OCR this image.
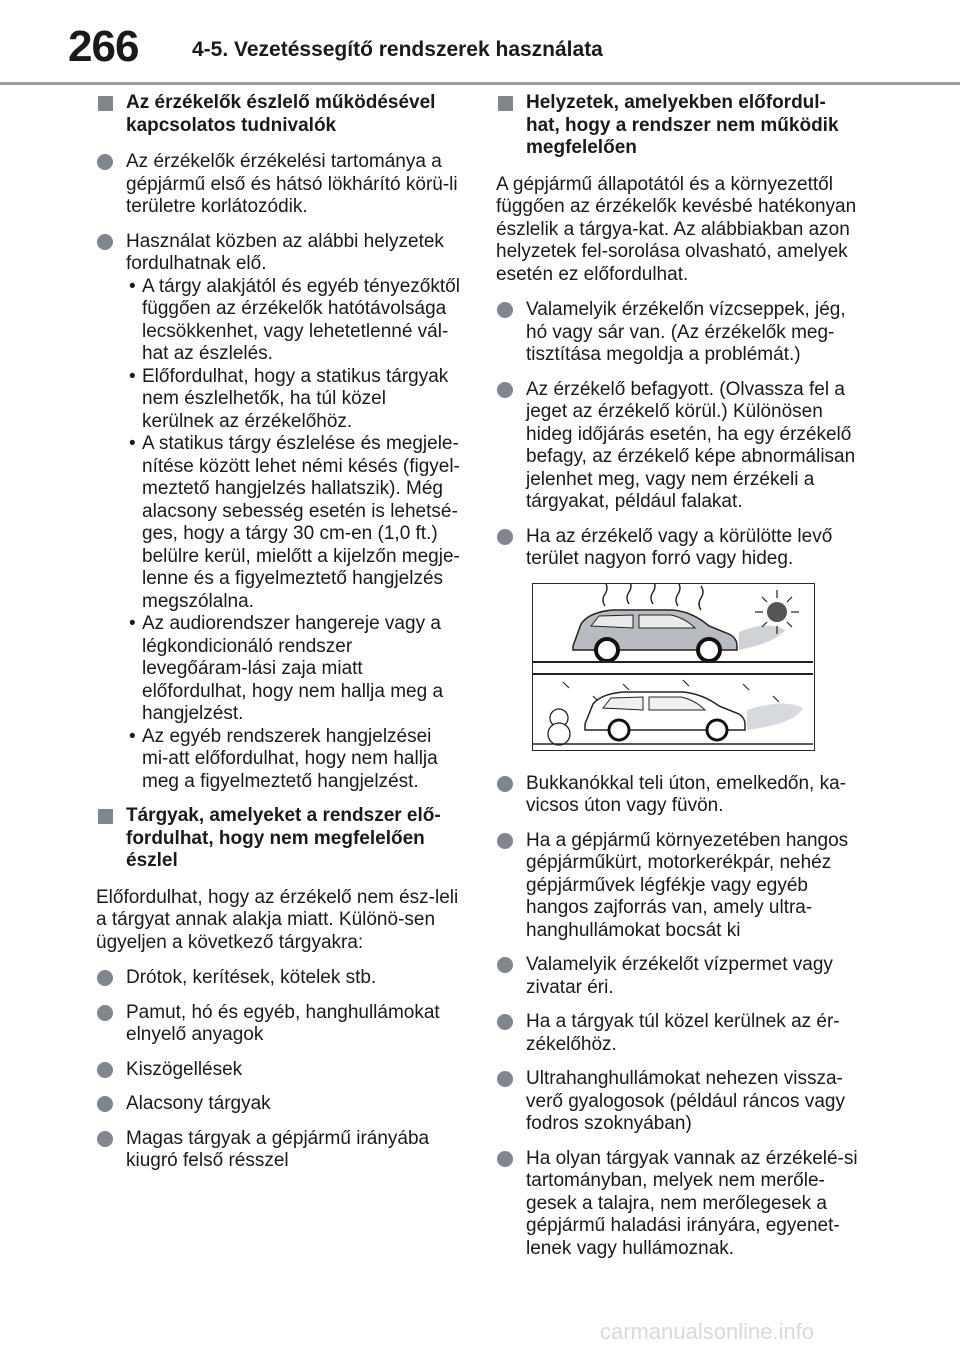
266	4-5. Vezetéssegítő rendszerek használata
Az érzékelők észlelő működésével kapcsolatos tudnivalók
Az érzékelők érzékelési tartománya a gépjármű első és hátsó lökhárító körü-li területre korlátozódik.
Használat közben az alábbi helyzetek fordulhatnak elő.
• A tárgy alakjától és egyéb tényezőktől függően az érzékelők hatótávolsága lecsökkenhet, vagy lehetetlenné vál-hat az észlelés.
• Előfordulhat, hogy a statikus tárgyak nem észlelhetők, ha túl közel kerülnek az érzékelőhöz.
• A statikus tárgy észlelése és megjele-nítése között lehet némi késés (figyel-meztető hangjelzés hallatszik). Még alacsony sebesség esetén is lehetsé-ges, hogy a tárgy 30 cm-en (1,0 ft.) belülre kerül, mielőtt a kijelzőn megje-lenne és a figyelmeztető hangjelzés megszólalna.
• Az audiorendszer hangereje vagy a légkondicionáló rendszer levegőáram-lási zaja miatt előfordulhat, hogy nem hallja meg a hangjelzést.
• Az egyéb rendszerek hangjelzései mi-att előfordulhat, hogy nem hallja meg a figyelmeztető hangjelzést.
Tárgyak, amelyeket a rendszer elő-fordulhat, hogy nem megfelelően észlel

Előfordulhat, hogy az érzékelő nem ész-leli a tárgyat annak alakja miatt. Különö-sen ügyeljen a következő tárgyakra:

Drótok, kerítések, kötelek stb.
Pamut, hó és egyéb, hanghullámokat elnyelő anyagok
Kiszögellések
Alacsony tárgyak
Magas tárgyak a gépjármű irányába kiugró felső résszel
Helyzetek, amelyekben előfordul-hat, hogy a rendszer nem működik megfelelően

A gépjármű állapotától és a környezettől függően az érzékelők kevésbé hatékonyan észlelik a tárgya-kat. Az alábbiakban azon helyzetek fel-sorolása olvasható, amelyek esetén ez előfordulhat.

Valamelyik érzékelőn vízcseppek, jég, hó vagy sár van. (Az érzékelők meg-tisztítása megoldja a problémát.)
Az érzékelő befagyott. (Olvassza fel a jeget az érzékelő körül.) Különösen hideg időjárás esetén, ha egy érzékelő befagy, az érzékelő képe abnormálisan jelenhet meg, vagy nem érzékeli a tárgyakat, például falakat.
Ha az érzékelő vagy a körülötte levő terület nagyon forró vagy hideg.
Bukkanókkal teli úton, emelkedőn, ka-vicsos úton vagy füvön.
Ha a gépjármű környezetében hangos gépjárműkürt, motorkerékpár, nehéz gépjárművek légfékje vagy egyéb hangos zajforrás van, amely ultra-hanghullámokat bocsát ki
Valamelyik érzékelőt vízpermet vagy zivatar éri.
Ha a tárgyak túl közel kerülnek az ér-zékelőhöz.
Ultrahanghullámokat nehezen vissza-verő gyalogosok (például ráncos vagy fodros szoknyában)
Ha olyan tárgyak vannak az érzékelé-si tartományban, melyek nem merőle-gesek a talajra, nem merőlegesek a gépjármű haladási irányára, egyenet-lenek vagy hullámoznak.
carmanualsonline.info
